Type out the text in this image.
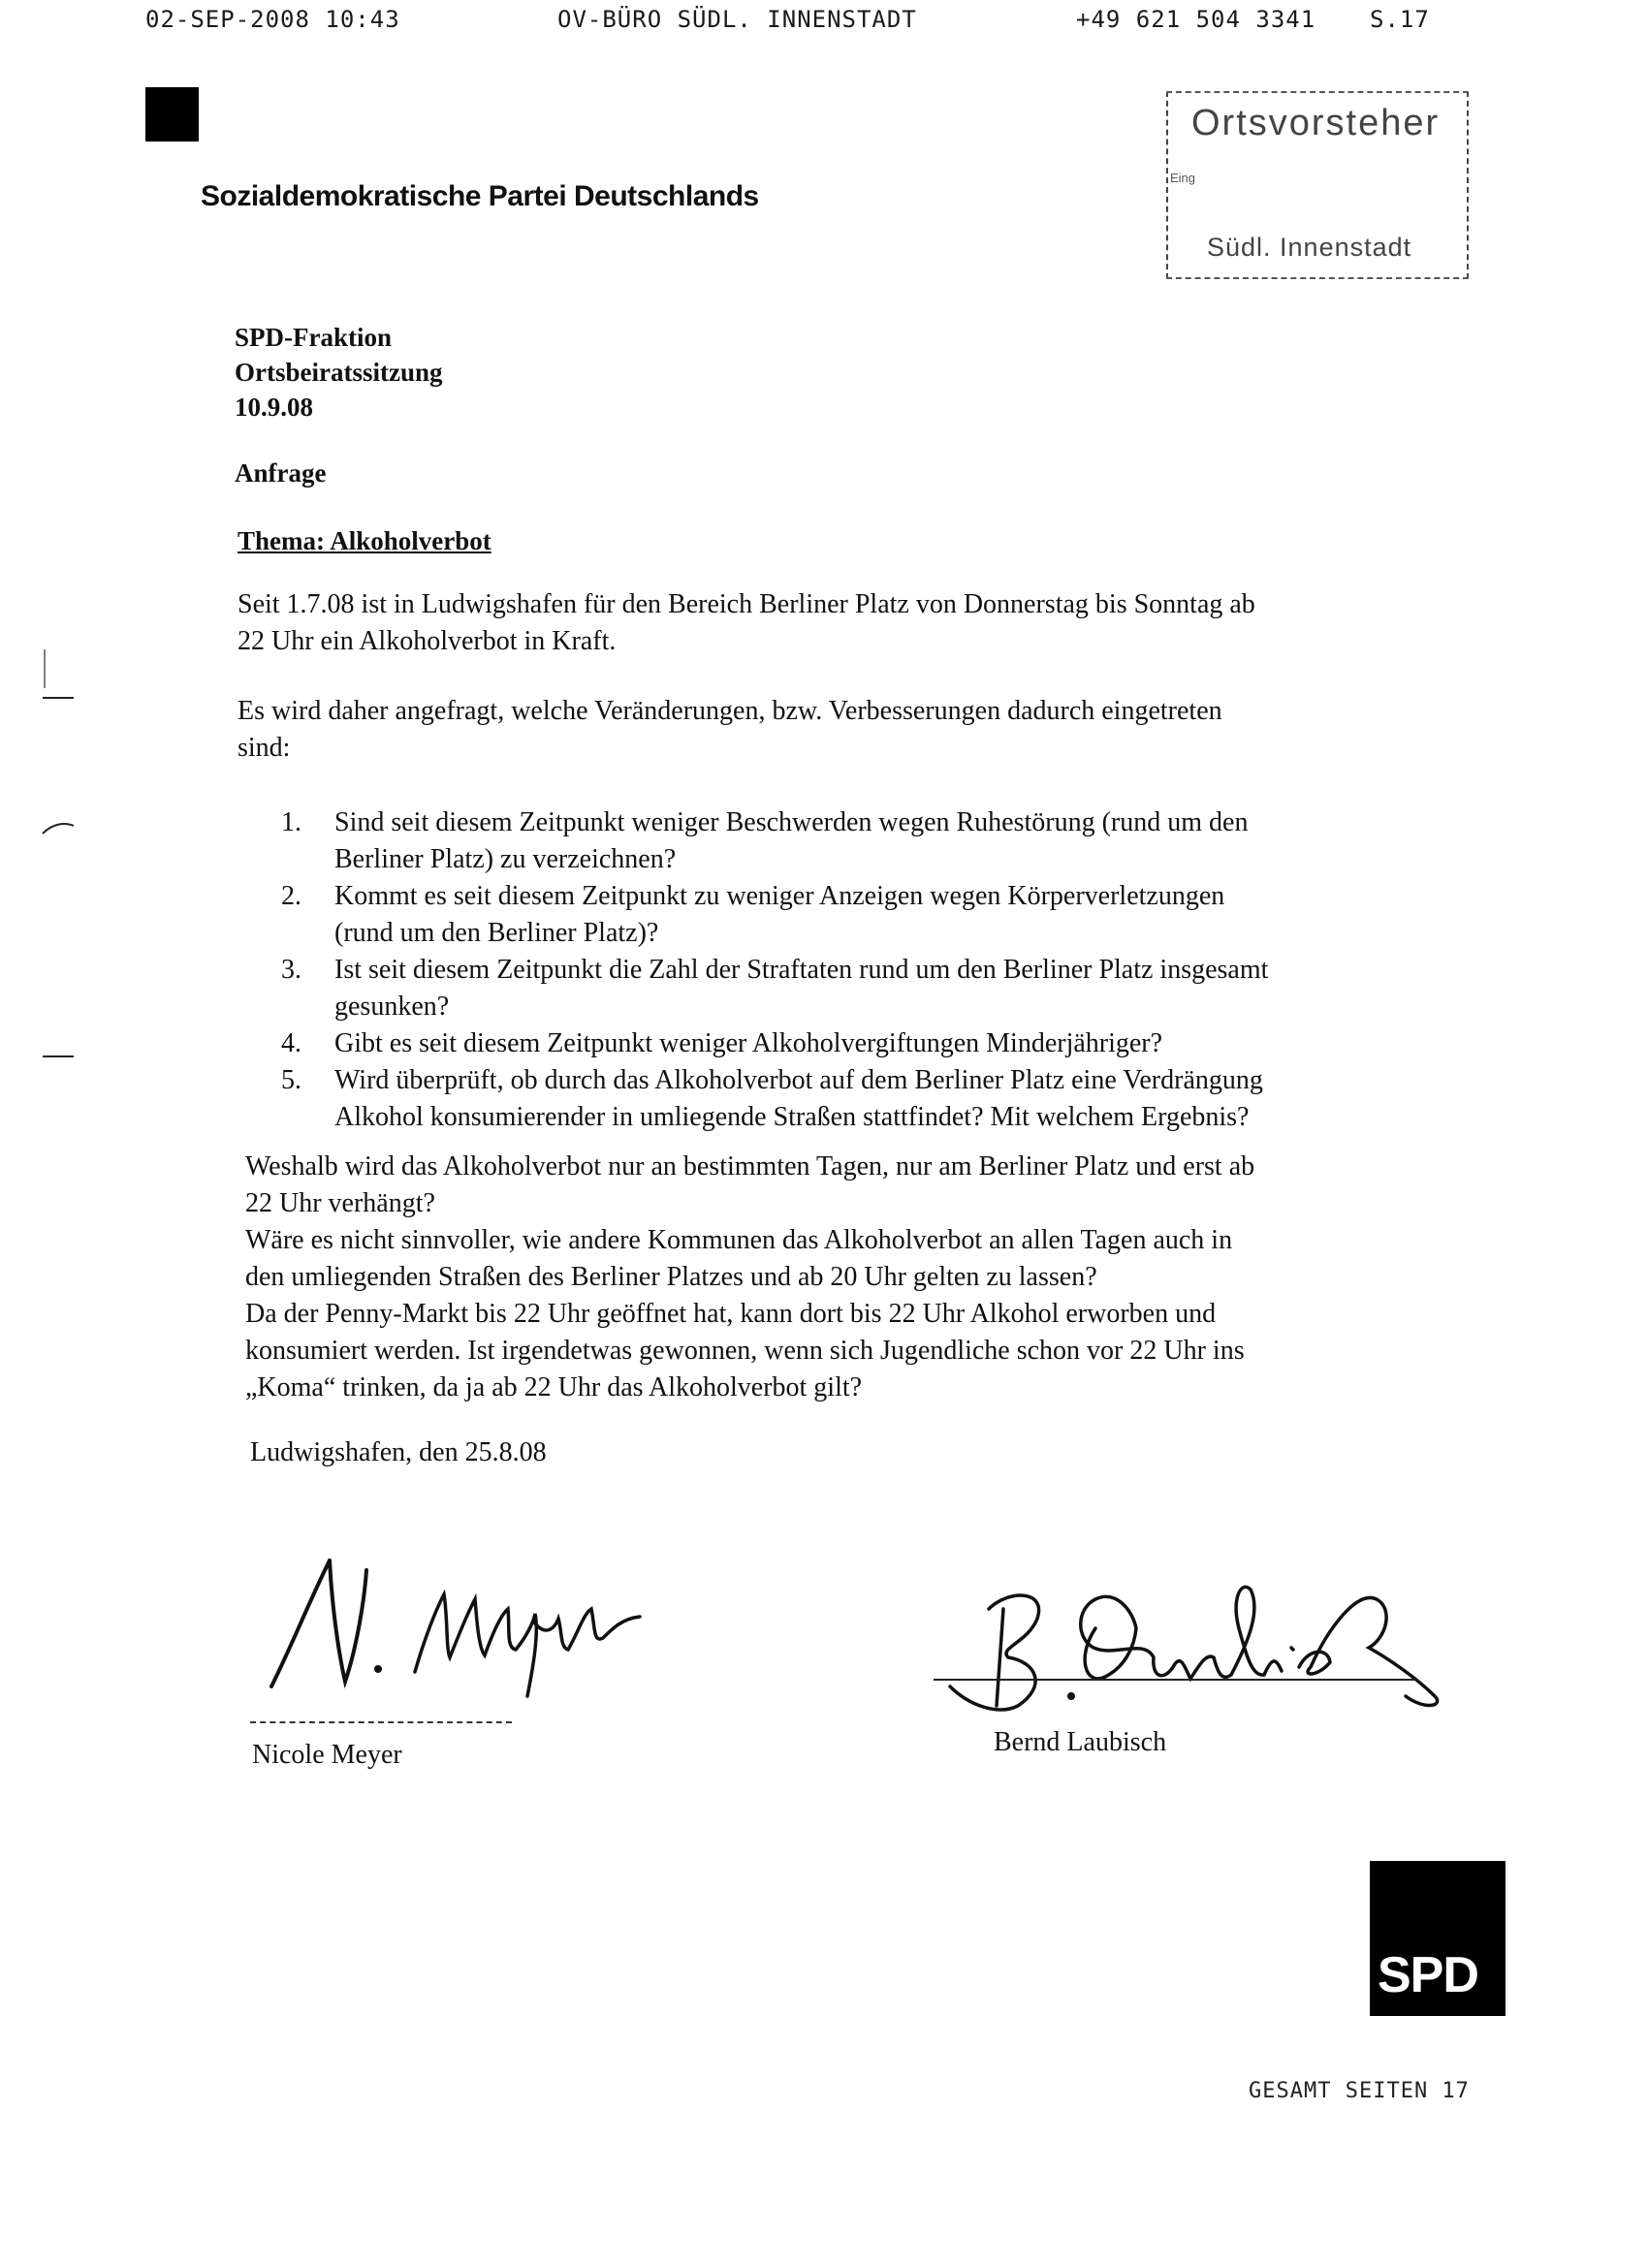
02-SEP-2008 10:43	OV-BÜRO SÜDL. INNENSTADT	+49 621 504 3341 S.17
Sozialdemokratische Partei Deutschlands
Ortsvorsteher
Eing
Südl. Innenstadt
SPD-Fraktion
Ortsbeiratssitzung
10.9.08
Anfrage
Thema: Alkoholverbot
Seit 1.7.08 ist in Ludwigshafen für den Bereich Berliner Platz von Donnerstag bis Sonntag ab
22 Uhr ein Alkoholverbot in Kraft.
Es wird daher angefragt, welche Veränderungen, bzw. Verbesserungen dadurch eingetreten
sind:
1. Sind seit diesem Zeitpunkt weniger Beschwerden wegen Ruhestörung (rund um den
Berliner Platz) zu verzeichnen?
2. Kommt es seit diesem Zeitpunkt zu weniger Anzeigen wegen Körperverletzungen
(rund um den Berliner Platz)?
3. Ist seit diesem Zeitpunkt die Zahl der Straftaten rund um den Berliner Platz insgesamt
gesunken?
4. Gibt es seit diesem Zeitpunkt weniger Alkoholvergiftungen Minderjähriger?
5. Wird überprüft, ob durch das Alkoholverbot auf dem Berliner Platz eine Verdrängung
Alkohol konsumierender in umliegende Straßen stattfindet? Mit welchem Ergebnis?
Weshalb wird das Alkoholverbot nur an bestimmten Tagen, nur am Berliner Platz und erst ab
22 Uhr verhängt?
Wäre es nicht sinnvoller, wie andere Kommunen das Alkoholverbot an allen Tagen auch in
den umliegenden Straßen des Berliner Platzes und ab 20 Uhr gelten zu lassen?
Da der Penny-Markt bis 22 Uhr geöffnet hat, kann dort bis 22 Uhr Alkohol erworben und
konsumiert werden. Ist irgendetwas gewonnen, wenn sich Jugendliche schon vor 22 Uhr ins
„Koma“ trinken, da ja ab 22 Uhr das Alkoholverbot gilt?
Ludwigshafen, den 25.8.08
Nicole Meyer	Bernd Laubisch
SPD
GESAMT SEITEN 17
